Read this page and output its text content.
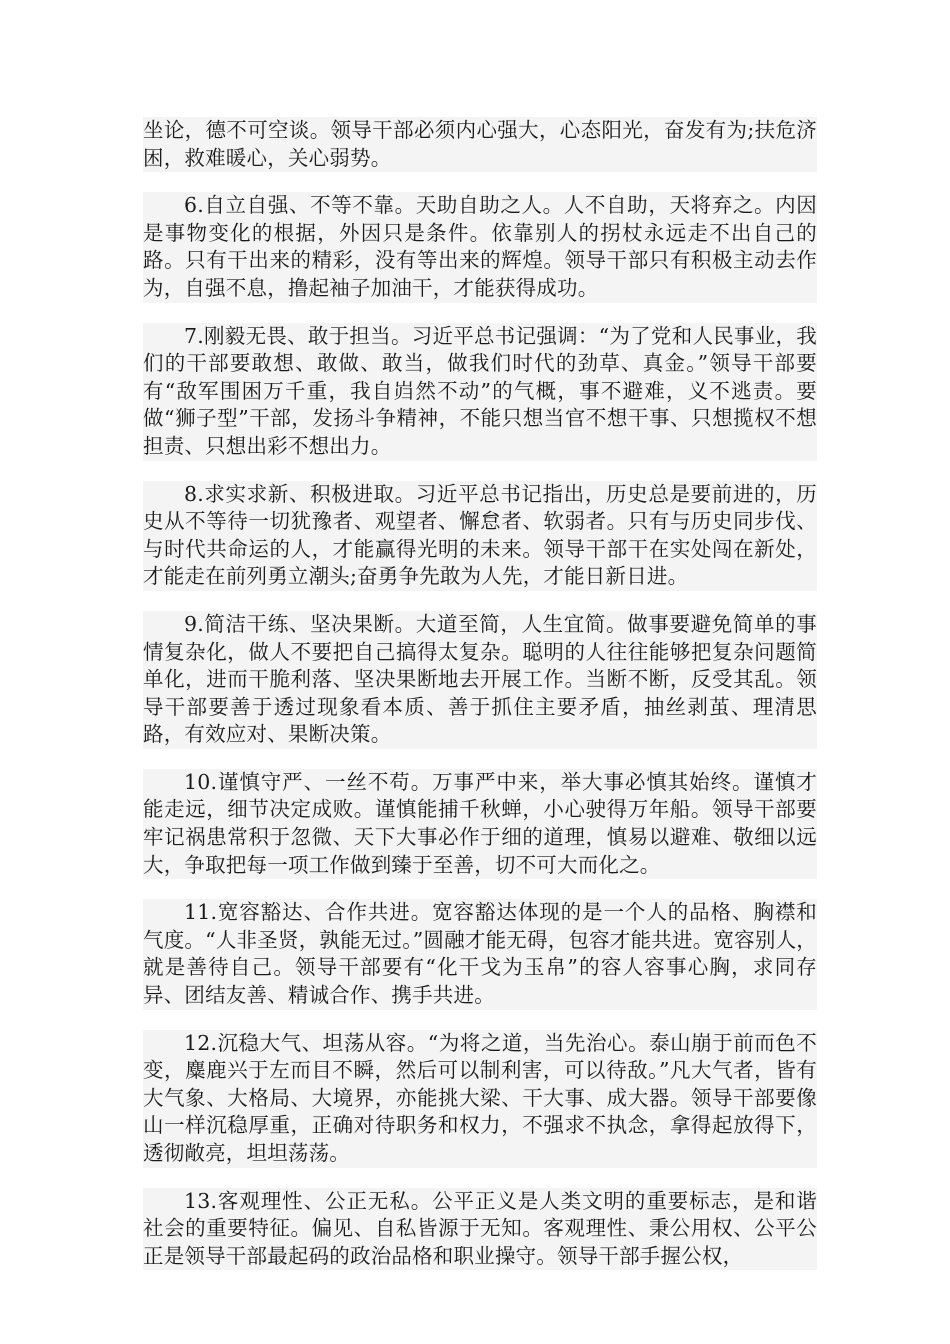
坐论，德不可空谈。领导干部必须内心强大，心态阳光，奋发有为;扶危济困，救难暖心，关心弱势。

6.自立自强、不等不靠。天助自助之人。人不自助，天将弃之。内因是事物变化的根据，外因只是条件。依靠别人的拐杖永远走不出自己的路。只有干出来的精彩，没有等出来的辉煌。领导干部只有积极主动去作为，自强不息，撸起袖子加油干，才能获得成功。

7.刚毅无畏、敢于担当。习近平总书记强调：“为了党和人民事业，我们的干部要敢想、敢做、敢当，做我们时代的劲草、真金。”领导干部要有“敌军围困万千重，我自岿然不动”的气概，事不避难，义不逃责。要做“狮子型”干部，发扬斗争精神，不能只想当官不想干事、只想揽权不想担责、只想出彩不想出力。

8.求实求新、积极进取。习近平总书记指出，历史总是要前进的，历史从不等待一切犹豫者、观望者、懈怠者、软弱者。只有与历史同步伐、与时代共命运的人，才能赢得光明的未来。领导干部干在实处闯在新处，才能走在前列勇立潮头;奋勇争先敢为人先，才能日新日进。

9.简洁干练、坚决果断。大道至简，人生宜简。做事要避免简单的事情复杂化，做人不要把自己搞得太复杂。聪明的人往往能够把复杂问题简单化，进而干脆利落、坚决果断地去开展工作。当断不断，反受其乱。领导干部要善于透过现象看本质、善于抓住主要矛盾，抽丝剥茧、理清思路，有效应对、果断决策。

10.谨慎守严、一丝不苟。万事严中来，举大事必慎其始终。谨慎才能走远，细节决定成败。谨慎能捕千秋蝉，小心驶得万年船。领导干部要牢记祸患常积于忽微、天下大事必作于细的道理，慎易以避难、敬细以远大，争取把每一项工作做到臻于至善，切不可大而化之。

11.宽容豁达、合作共进。宽容豁达体现的是一个人的品格、胸襟和气度。“人非圣贤，孰能无过。”圆融才能无碍，包容才能共进。宽容别人，就是善待自己。领导干部要有“化干戈为玉帛”的容人容事心胸，求同存异、团结友善、精诚合作、携手共进。

12.沉稳大气、坦荡从容。“为将之道，当先治心。泰山崩于前而色不变，麋鹿兴于左而目不瞬，然后可以制利害，可以待敌。”凡大气者，皆有大气象、大格局、大境界，亦能挑大梁、干大事、成大器。领导干部要像山一样沉稳厚重，正确对待职务和权力，不强求不执念，拿得起放得下，透彻敞亮，坦坦荡荡。

13.客观理性、公正无私。公平正义是人类文明的重要标志，是和谐社会的重要特征。偏见、自私皆源于无知。客观理性、秉公用权、公平公正是领导干部最起码的政治品格和职业操守。领导干部手握公权，
